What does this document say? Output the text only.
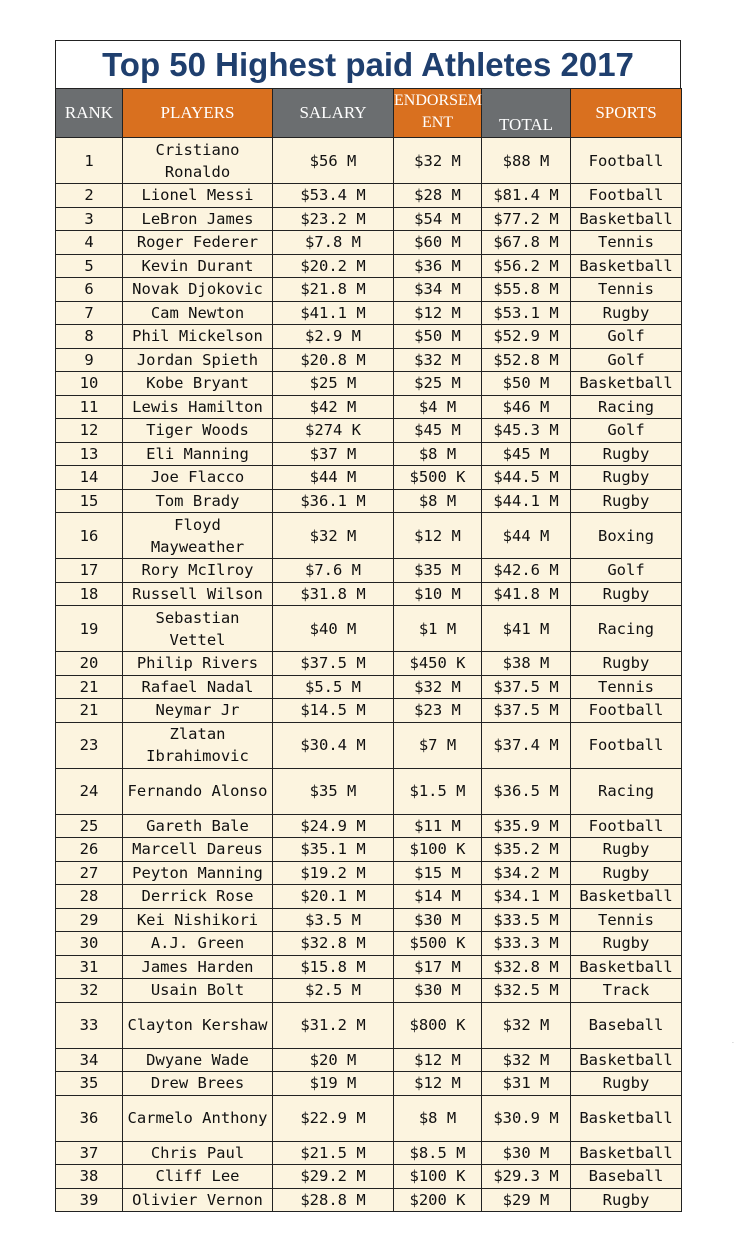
Top 50 Highest paid Athletes 2017
RANK	PLAYERS	SALARY	ENDORSEM ENT	TOTAL	SPORTS
1	Cristiano Ronaldo	$56 M	$32 M	$88 M	Football
2	Lionel Messi	$53.4 M	$28 M	$81.4 M	Football
3	LeBron James	$23.2 M	$54 M	$77.2 M	Basketball
4	Roger Federer	$7.8 M	$60 M	$67.8 M	Tennis
5	Kevin Durant	$20.2 M	$36 M	$56.2 M	Basketball
6	Novak Djokovic	$21.8 M	$34 M	$55.8 M	Tennis
7	Cam Newton	$41.1 M	$12 M	$53.1 M	Rugby
8	Phil Mickelson	$2.9 M	$50 M	$52.9 M	Golf
9	Jordan Spieth	$20.8 M	$32 M	$52.8 M	Golf
10	Kobe Bryant	$25 M	$25 M	$50 M	Basketball
11	Lewis Hamilton	$42 M	$4 M	$46 M	Racing
12	Tiger Woods	$274 K	$45 M	$45.3 M	Golf
13	Eli Manning	$37 M	$8 M	$45 M	Rugby
14	Joe Flacco	$44 M	$500 K	$44.5 M	Rugby
15	Tom Brady	$36.1 M	$8 M	$44.1 M	Rugby
16	Floyd Mayweather	$32 M	$12 M	$44 M	Boxing
17	Rory McIlroy	$7.6 M	$35 M	$42.6 M	Golf
18	Russell Wilson	$31.8 M	$10 M	$41.8 M	Rugby
19	Sebastian Vettel	$40 M	$1 M	$41 M	Racing
20	Philip Rivers	$37.5 M	$450 K	$38 M	Rugby
21	Rafael Nadal	$5.5 M	$32 M	$37.5 M	Tennis
21	Neymar Jr	$14.5 M	$23 M	$37.5 M	Football
23	Zlatan Ibrahimovic	$30.4 M	$7 M	$37.4 M	Football
24	Fernando Alonso	$35 M	$1.5 M	$36.5 M	Racing
25	Gareth Bale	$24.9 M	$11 M	$35.9 M	Football
26	Marcell Dareus	$35.1 M	$100 K	$35.2 M	Rugby
27	Peyton Manning	$19.2 M	$15 M	$34.2 M	Rugby
28	Derrick Rose	$20.1 M	$14 M	$34.1 M	Basketball
29	Kei Nishikori	$3.5 M	$30 M	$33.5 M	Tennis
30	A.J. Green	$32.8 M	$500 K	$33.3 M	Rugby
31	James Harden	$15.8 M	$17 M	$32.8 M	Basketball
32	Usain Bolt	$2.5 M	$30 M	$32.5 M	Track
33	Clayton Kershaw	$31.2 M	$800 K	$32 M	Baseball
34	Dwyane Wade	$20 M	$12 M	$32 M	Basketball
35	Drew Brees	$19 M	$12 M	$31 M	Rugby
36	Carmelo Anthony	$22.9 M	$8 M	$30.9 M	Basketball
37	Chris Paul	$21.5 M	$8.5 M	$30 M	Basketball
38	Cliff Lee	$29.2 M	$100 K	$29.3 M	Baseball
39	Olivier Vernon	$28.8 M	$200 K	$29 M	Rugby
·
